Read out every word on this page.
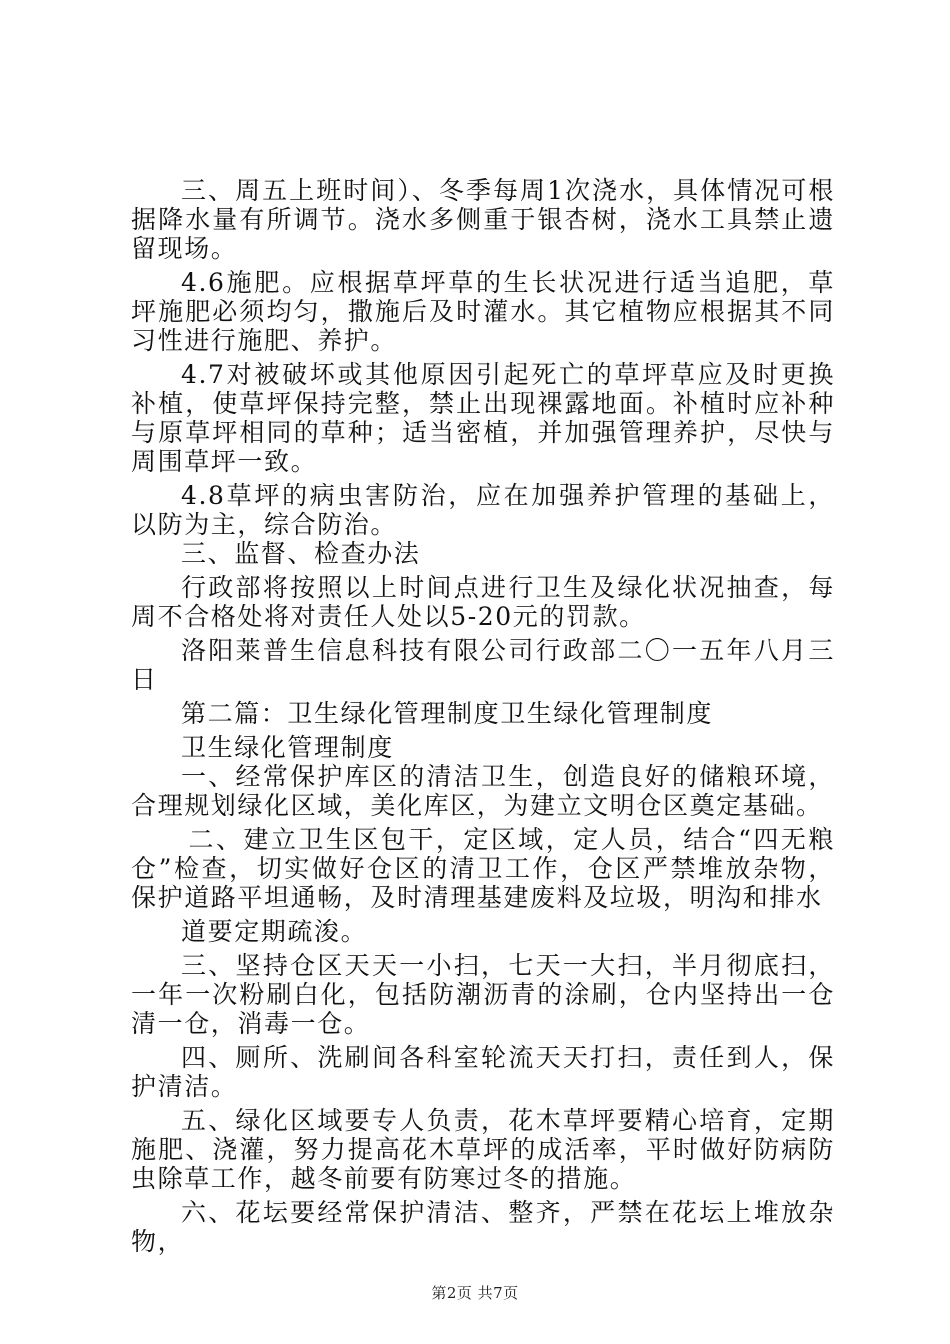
三、周五上班时间）、冬季每周1次浇水，具体情况可根据降水量有所调节。浇水多侧重于银杏树，浇水工具禁止遗留现场。

4.6施肥。应根据草坪草的生长状况进行适当追肥，草坪施肥必须均匀，撒施后及时灌水。其它植物应根据其不同习性进行施肥、养护。

4.7对被破坏或其他原因引起死亡的草坪草应及时更换补植，使草坪保持完整，禁止出现裸露地面。补植时应补种与原草坪相同的草种；适当密植，并加强管理养护，尽快与周围草坪一致。

4.8草坪的病虫害防治，应在加强养护管理的基础上，以防为主，综合防治。

三、监督、检查办法

行政部将按照以上时间点进行卫生及绿化状况抽查，每周不合格处将对责任人处以5-20元的罚款。

洛阳莱普生信息科技有限公司行政部二〇一五年八月三日

第二篇：卫生绿化管理制度卫生绿化管理制度

卫生绿化管理制度

一、经常保护库区的清洁卫生，创造良好的储粮环境，合理规划绿化区域，美化库区，为建立文明仓区奠定基础。

二、建立卫生区包干，定区域，定人员，结合“四无粮仓”检查，切实做好仓区的清卫工作，仓区严禁堆放杂物，保护道路平坦通畅，及时清理基建废料及垃圾，明沟和排水

道要定期疏浚。

三、坚持仓区天天一小扫，七天一大扫，半月彻底扫，一年一次粉刷白化，包括防潮沥青的涂刷，仓内坚持出一仓清一仓，消毒一仓。

四、厕所、洗刷间各科室轮流天天打扫，责任到人，保护清洁。

五、绿化区域要专人负责，花木草坪要精心培育，定期施肥、浇灌，努力提高花木草坪的成活率，平时做好防病防虫除草工作，越冬前要有防寒过冬的措施。

六、花坛要经常保护清洁、整齐，严禁在花坛上堆放杂物，

第2页 共7页
